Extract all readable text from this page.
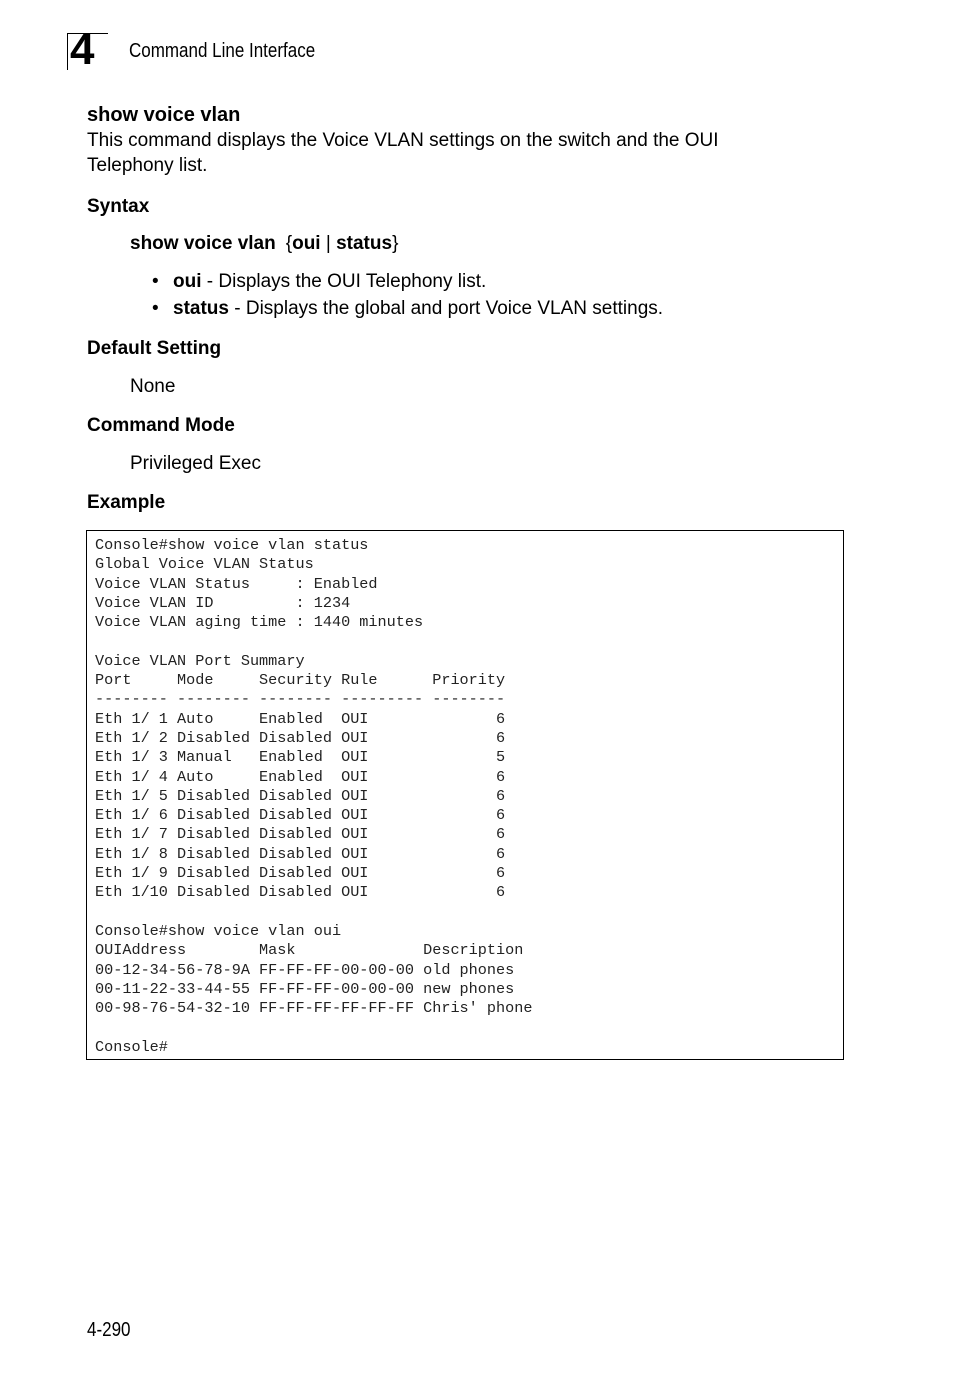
4 Command Line Interface
show voice vlan
This command displays the Voice VLAN settings on the switch and the OUI Telephony list.
Syntax
show voice vlan {oui | status}
• oui - Displays the OUI Telephony list.
• status - Displays the global and port Voice VLAN settings.
Default Setting
None
Command Mode
Privileged Exec
Example
Console#show voice vlan status
Global Voice VLAN Status
Voice VLAN Status     : Enabled
Voice VLAN ID         : 1234
Voice VLAN aging time : 1440 minutes

Voice VLAN Port Summary
Port     Mode     Security Rule      Priority
-------- -------- -------- --------- --------
Eth 1/ 1 Auto     Enabled  OUI              6
Eth 1/ 2 Disabled Disabled OUI              6
Eth 1/ 3 Manual   Enabled  OUI              5
Eth 1/ 4 Auto     Enabled  OUI              6
Eth 1/ 5 Disabled Disabled OUI              6
Eth 1/ 6 Disabled Disabled OUI              6
Eth 1/ 7 Disabled Disabled OUI              6
Eth 1/ 8 Disabled Disabled OUI              6
Eth 1/ 9 Disabled Disabled OUI              6
Eth 1/10 Disabled Disabled OUI              6

Console#show voice vlan oui
OUIAddress        Mask              Description
00-12-34-56-78-9A FF-FF-FF-00-00-00 old phones
00-11-22-33-44-55 FF-FF-FF-00-00-00 new phones
00-98-76-54-32-10 FF-FF-FF-FF-FF-FF Chris' phone

Console#
4-290
